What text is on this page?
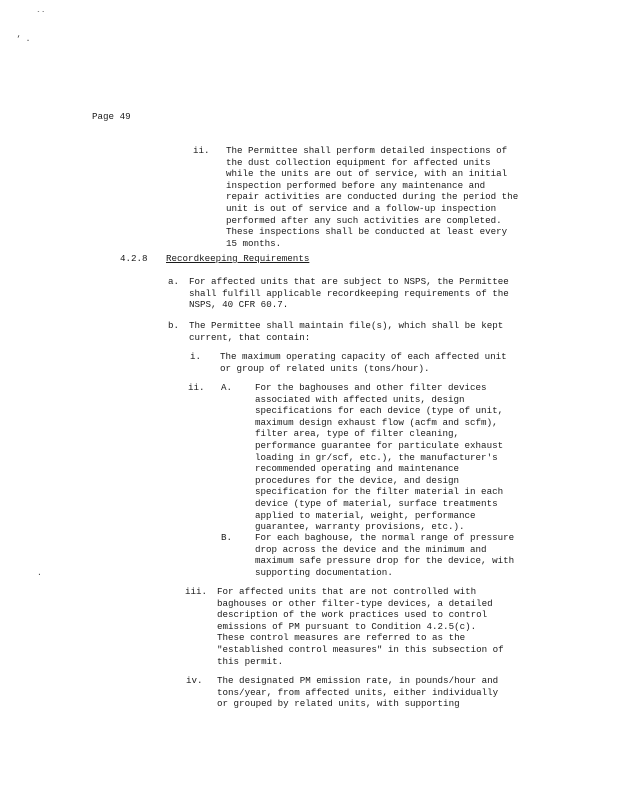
``
‘ .
.
Page 49
ii. The Permittee shall perform detailed inspections of
the dust collection equipment for affected units
while the units are out of service, with an initial
inspection performed before any maintenance and
repair activities are conducted during the period the
unit is out of service and a follow-up inspection
performed after any such activities are completed.
These inspections shall be conducted at least every
15 months.
4.2.8 Recordkeeping Requirements
a. For affected units that are subject to NSPS, the Permittee
shall fulfill applicable recordkeeping requirements of the
NSPS, 40 CFR 60.7.
b. The Permittee shall maintain file(s), which shall be kept
current, that contain:
i. The maximum operating capacity of each affected unit
or group of related units (tons/hour).
ii. A. For the baghouses and other filter devices
associated with affected units, design
specifications for each device (type of unit,
maximum design exhaust flow (acfm and scfm),
filter area, type of filter cleaning,
performance guarantee for particulate exhaust
loading in gr/scf, etc.), the manufacturer's
recommended operating and maintenance
procedures for the device, and design
specification for the filter material in each
device (type of material, surface treatments
applied to material, weight, performance
guarantee, warranty provisions, etc.).
B. For each baghouse, the normal range of pressure
drop across the device and the minimum and
maximum safe pressure drop for the device, with
supporting documentation.
iii. For affected units that are not controlled with
baghouses or other filter-type devices, a detailed
description of the work practices used to control
emissions of PM pursuant to Condition 4.2.5(c).
These control measures are referred to as the
"established control measures" in this subsection of
this permit.
iv. The designated PM emission rate, in pounds/hour and
tons/year, from affected units, either individually
or grouped by related units, with supporting
